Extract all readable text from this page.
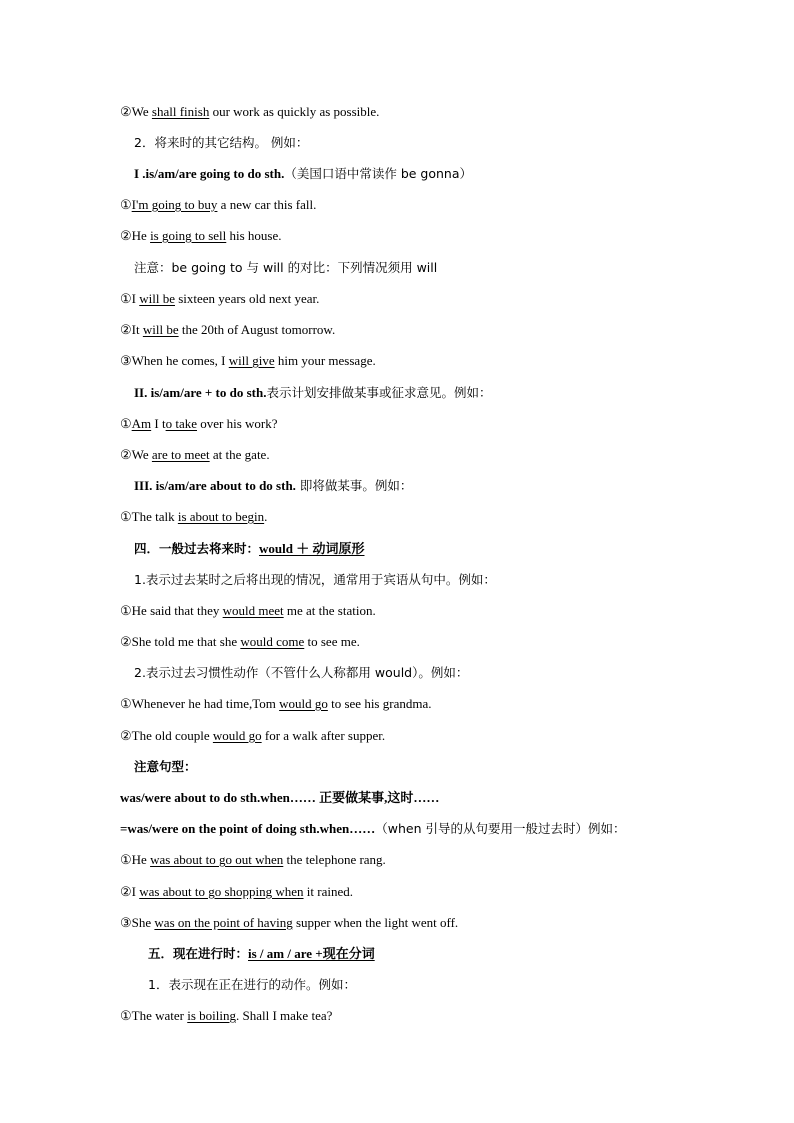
②We shall finish our work as quickly as possible.
2．将来时的其它结构。 例如：
I .is/am/are going to do sth.（美国口语中常读作 be gonna）
①I'm going to buy a new car this fall.
②He is going to sell his house.
注意：be going to 与 will 的对比：下列情况须用 will
①I will be sixteen years old next year.
②It will be the 20th of August tomorrow.
③When he comes, I will give him your message.
II. is/am/are + to do sth.表示计划安排做某事或征求意见。例如：
①Am I to take over his work?
②We are to meet at the gate.
III. is/am/are about to do sth. 即将做某事。例如：
①The talk is about to begin.
四．一般过去将来时：would ＋ 动词原形
1.表示过去某时之后将出现的情况，通常用于宾语从句中。例如：
①He said that they would meet me at the station.
②She told me that she would come to see me.
2.表示过去习惯性动作（不管什么人称都用 would）。例如：
①Whenever he had time,Tom would go to see his grandma.
②The old couple would go for a walk after supper.
注意句型：
was/were about to do sth.when…… 正要做某事,这时……
=was/were on the point of doing sth.when……（when 引导的从句要用一般过去时）例如：
①He was about to go out when the telephone rang.
②I was about to go shopping when it rained.
③She was on the point of having supper when the light went off.
五．现在进行时：is / am / are +现在分词
1．表示现在正在进行的动作。例如：
①The water is boiling. Shall I make tea?
